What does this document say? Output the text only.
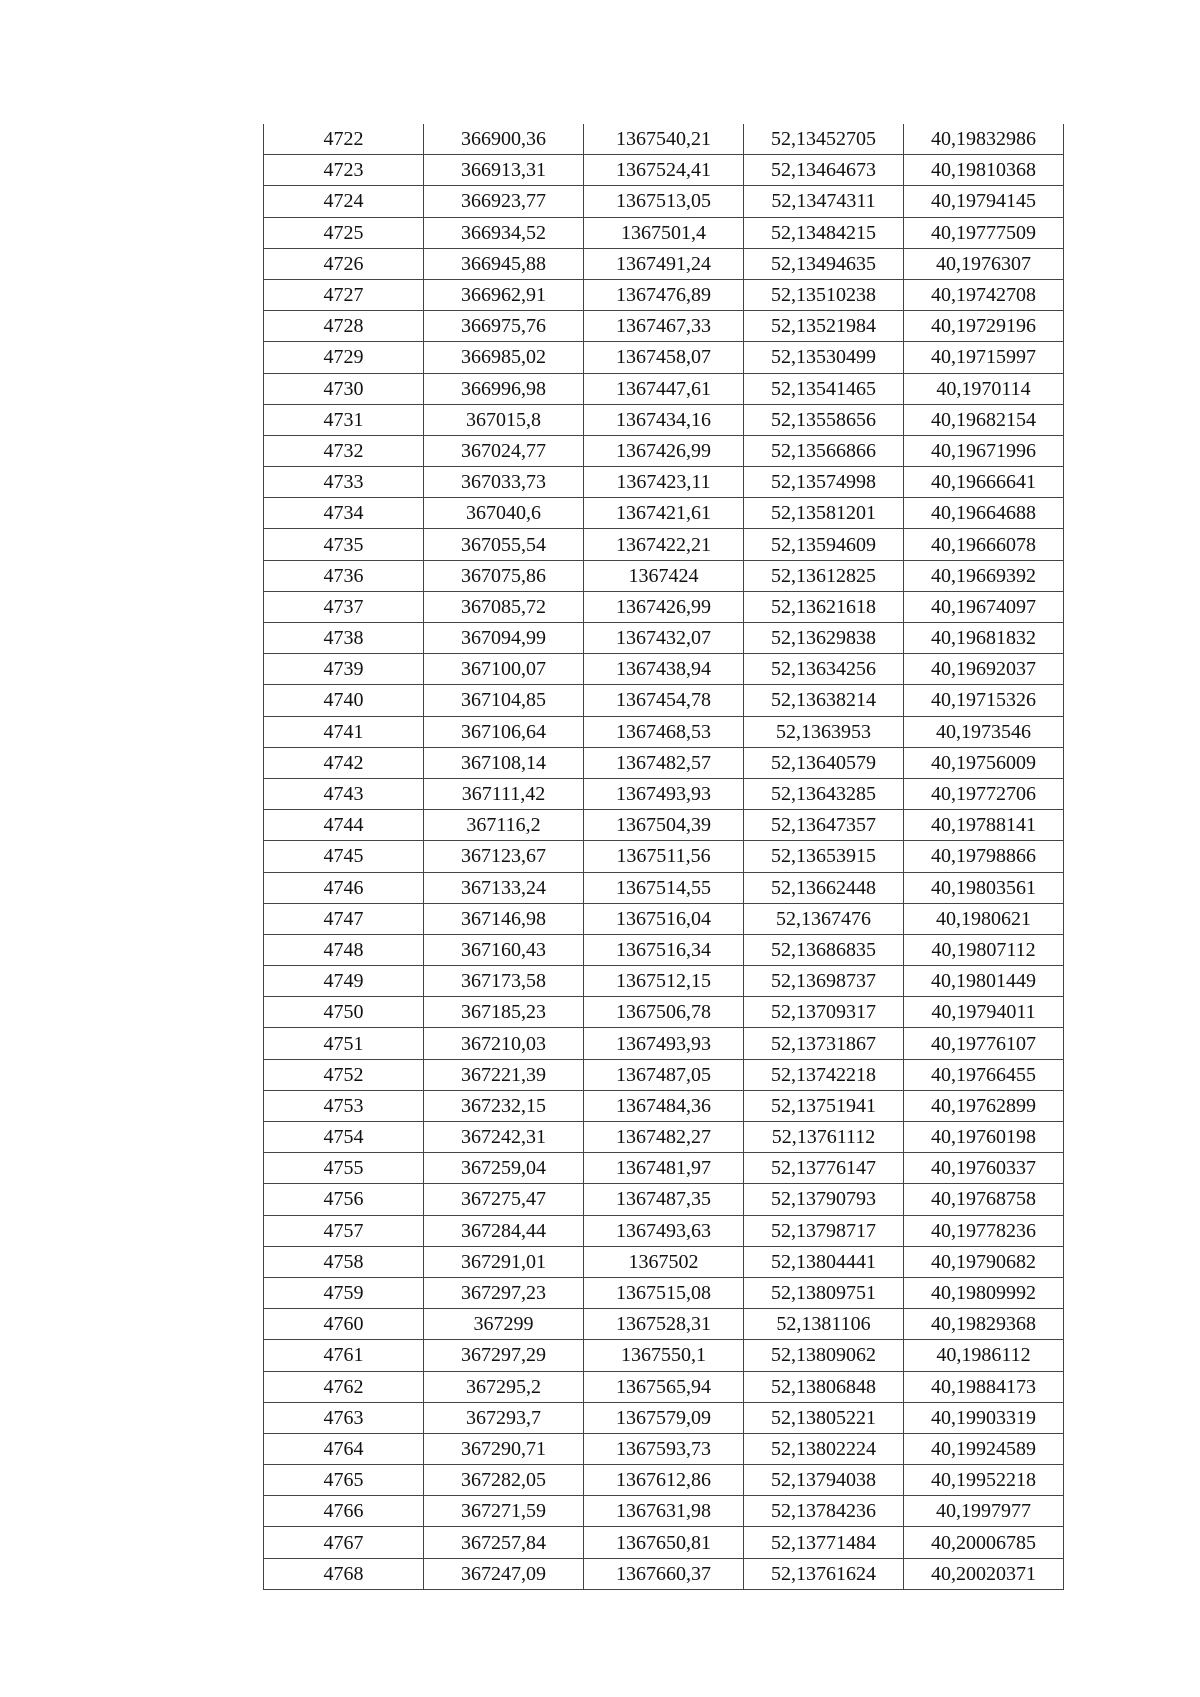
4722	366900,36	1367540,21	52,13452705	40,19832986
4723	366913,31	1367524,41	52,13464673	40,19810368
4724	366923,77	1367513,05	52,13474311	40,19794145
4725	366934,52	1367501,4	52,13484215	40,19777509
4726	366945,88	1367491,24	52,13494635	40,1976307
4727	366962,91	1367476,89	52,13510238	40,19742708
4728	366975,76	1367467,33	52,13521984	40,19729196
4729	366985,02	1367458,07	52,13530499	40,19715997
4730	366996,98	1367447,61	52,13541465	40,1970114
4731	367015,8	1367434,16	52,13558656	40,19682154
4732	367024,77	1367426,99	52,13566866	40,19671996
4733	367033,73	1367423,11	52,13574998	40,19666641
4734	367040,6	1367421,61	52,13581201	40,19664688
4735	367055,54	1367422,21	52,13594609	40,19666078
4736	367075,86	1367424	52,13612825	40,19669392
4737	367085,72	1367426,99	52,13621618	40,19674097
4738	367094,99	1367432,07	52,13629838	40,19681832
4739	367100,07	1367438,94	52,13634256	40,19692037
4740	367104,85	1367454,78	52,13638214	40,19715326
4741	367106,64	1367468,53	52,1363953	40,1973546
4742	367108,14	1367482,57	52,13640579	40,19756009
4743	367111,42	1367493,93	52,13643285	40,19772706
4744	367116,2	1367504,39	52,13647357	40,19788141
4745	367123,67	1367511,56	52,13653915	40,19798866
4746	367133,24	1367514,55	52,13662448	40,19803561
4747	367146,98	1367516,04	52,1367476	40,1980621
4748	367160,43	1367516,34	52,13686835	40,19807112
4749	367173,58	1367512,15	52,13698737	40,19801449
4750	367185,23	1367506,78	52,13709317	40,19794011
4751	367210,03	1367493,93	52,13731867	40,19776107
4752	367221,39	1367487,05	52,13742218	40,19766455
4753	367232,15	1367484,36	52,13751941	40,19762899
4754	367242,31	1367482,27	52,13761112	40,19760198
4755	367259,04	1367481,97	52,13776147	40,19760337
4756	367275,47	1367487,35	52,13790793	40,19768758
4757	367284,44	1367493,63	52,13798717	40,19778236
4758	367291,01	1367502	52,13804441	40,19790682
4759	367297,23	1367515,08	52,13809751	40,19809992
4760	367299	1367528,31	52,1381106	40,19829368
4761	367297,29	1367550,1	52,13809062	40,1986112
4762	367295,2	1367565,94	52,13806848	40,19884173
4763	367293,7	1367579,09	52,13805221	40,19903319
4764	367290,71	1367593,73	52,13802224	40,19924589
4765	367282,05	1367612,86	52,13794038	40,19952218
4766	367271,59	1367631,98	52,13784236	40,1997977
4767	367257,84	1367650,81	52,13771484	40,20006785
4768	367247,09	1367660,37	52,13761624	40,20020371
